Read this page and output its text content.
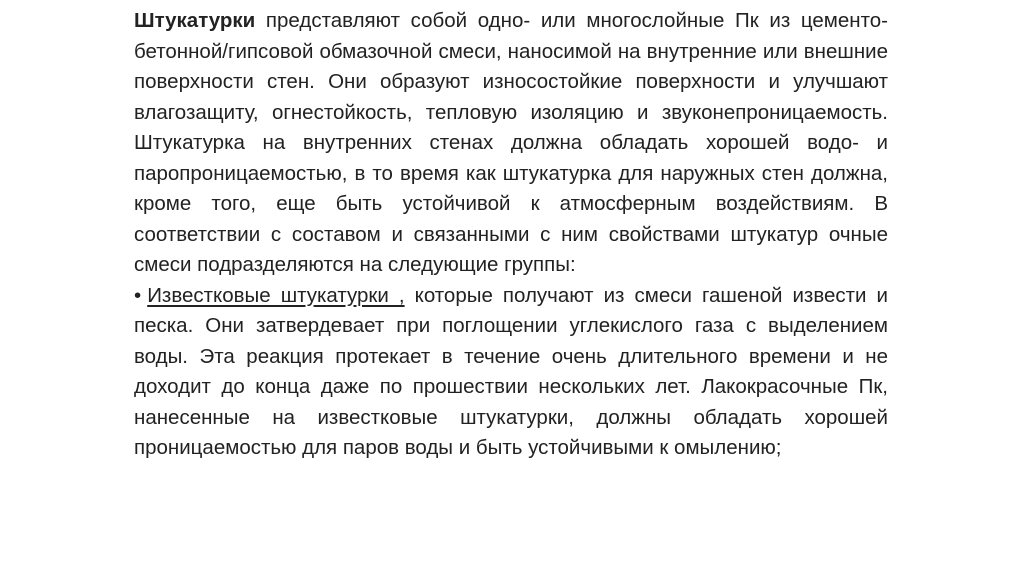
Штукатурки представляют собой одно- или многослойные Пк из цементо-бетонной/гипсовой обмазочной смеси, наносимой на внутренние или внешние поверхности стен. Они образуют износостойкие поверхности и улучшают влагозащиту, огнестойкость, тепловую изоляцию и звуконепроницаемость. Штукатурка на внутренних стенах должна обладать хорошей водо- и паропроницаемостью, в то время как штукатурка для наружных стен должна, кроме того, еще быть устойчивой к атмосферным воздействиям. В соответствии с составом и связанными с ним свойствами штукатур очные смеси подразделяются на следующие группы:

• Известковые штукатурки , которые получают из смеси гашеной извести и песка. Они затвердевает при поглощении углекислого газа с выделением воды. Эта реакция протекает в течение очень длительного времени и не доходит до конца даже по прошествии нескольких лет. Лакокрасочные Пк, нанесенные на известковые штукатурки, должны обладать хорошей проницаемостью для паров воды и быть устойчивыми к омылению;
